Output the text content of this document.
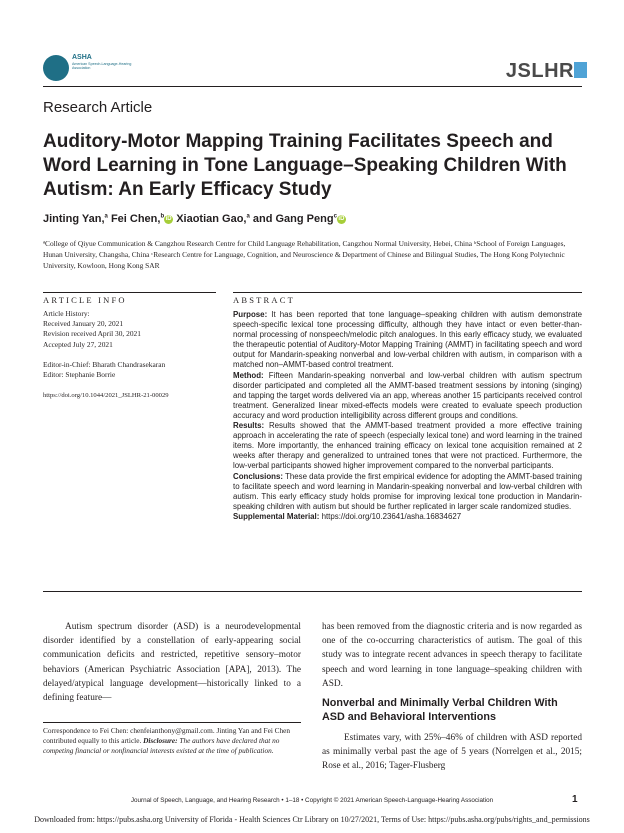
ASHA
American Speech-Language-Hearing Association	JSLHR
Research Article
Auditory-Motor Mapping Training Facilitates Speech and Word Learning in Tone Language–Speaking Children With Autism: An Early Efficacy Study
Jinting Yan,$^a$ Fei Chen,$^b$ iD Xiaotian Gao,$^a$ and Gang Peng$^c$ iD
ªCollege of Qiyue Communication & Cangzhou Research Centre for Child Language Rehabilitation, Cangzhou Normal University, Hebei, China ᵇSchool of Foreign Languages, Hunan University, Changsha, China ᶜResearch Centre for Language, Cognition, and Neuroscience & Department of Chinese and Bilingual Studies, The Hong Kong Polytechnic University, Kowloon, Hong Kong SAR
ARTICLE INFO

Article History:

Received January 20, 2021

Revision received April 30, 2021

Accepted July 27, 2021

Editor-in-Chief: Bharath Chandrasekaran

Editor: Stephanie Borrie

https://doi.org/10.1044/2021_JSLHR-21-00029

ABSTRACT

Purpose: It has been reported that tone language–speaking children with autism demonstrate speech-specific lexical tone processing difficulty, although they have intact or even better-than-normal processing of nonspeech/melodic pitch analogues. In this early efficacy study, we evaluated the therapeutic potential of Auditory-Motor Mapping Training (AMMT) in facilitating speech and word output for Mandarin-speaking nonverbal and low-verbal children with autism, in comparison with a matched non–AMMT-based control treatment.

Method: Fifteen Mandarin-speaking nonverbal and low-verbal children with autism spectrum disorder participated and completed all the AMMT-based treatment sessions by intoning (singing) and tapping the target words delivered via an app, whereas another 15 participants received control treatment. Generalized linear mixed-effects models were created to evaluate speech production accuracy and word production intelligibility across different groups and conditions.

Results: Results showed that the AMMT-based treatment provided a more effective training approach in accelerating the rate of speech (especially lexical tone) and word learning in the trained items. More importantly, the enhanced training efficacy on lexical tone acquisition remained at 2 weeks after therapy and generalized to untrained tones that were not practiced. Furthermore, the low-verbal participants showed higher improvement compared to the nonverbal participants.

Conclusions: These data provide the first empirical evidence for adopting the AMMT-based training to facilitate speech and word learning in Mandarin-speaking nonverbal and low-verbal children with autism. This early efficacy study holds promise for improving lexical tone production in Mandarin-speaking children with autism but should be further replicated in larger scale randomized studies.

Supplemental Material: https://doi.org/10.23641/asha.16834627

Autism spectrum disorder (ASD) is a neurodevelopmental disorder identified by a constellation of early-appearing social communication deficits and restricted, repetitive sensory–motor behaviors (American Psychiatric Association [APA], 2013). The delayed/atypical language development—historically linked to a defining feature—

has been removed from the diagnostic criteria and is now regarded as one of the co-occurring characteristics of autism. The goal of this study was to integrate recent advances in speech therapy to facilitate speech and word learning in tone language–speaking children with ASD.

Nonverbal and Minimally Verbal Children With ASD and Behavioral Interventions

Estimates vary, with 25%–46% of children with ASD reported as minimally verbal past the age of 5 years (Norrelgen et al., 2015; Rose et al., 2016; Tager-Flusberg

Correspondence to Fei Chen: chenfeianthony@gmail.com. Jinting Yan and Fei Chen contributed equally to this article. Disclosure: The authors have declared that no competing financial or nonfinancial interests existed at the time of publication.
Journal of Speech, Language, and Hearing Research • 1–18 • Copyright © 2021 American Speech-Language-Hearing Association	1
Downloaded from: https://pubs.asha.org University of Florida - Health Sciences Ctr Library on 10/27/2021, Terms of Use: https://pubs.asha.org/pubs/rights_and_permissions
